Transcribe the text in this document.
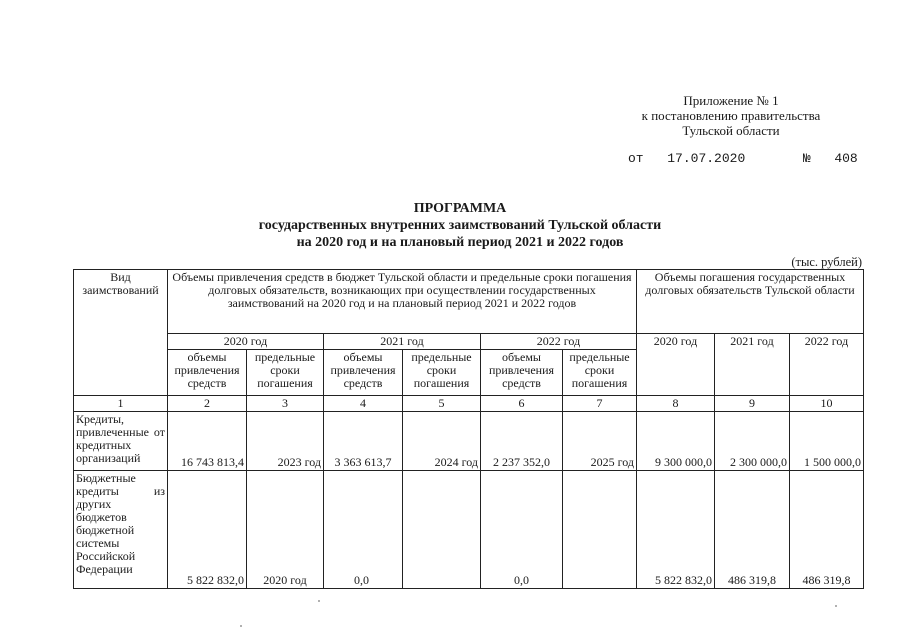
Приложение № 1
к постановлению правительства
Тульской области
от 17.07.2020	№ 408
ПРОГРАММА
государственных внутренних заимствований Тульской области
на 2020 год и на плановый период 2021 и 2022 годов
(тыс. рублей)
Вид заимствований	Объемы привлечения средств в бюджет Тульской области и предельные сроки погашения долговых обязательств, возникающих при осуществлении государственных заимствований на 2020 год и на плановый период 2021 и 2022 годов						Объемы погашения государственных долговых обязательств Тульской области		
	2020 год		2021 год		2022 год		2020 год	2021 год	2022 год
	объемы привлечения средств	предельные сроки погашения	объемы привлечения средств	предельные сроки погашения	объемы привлечения средств	предельные сроки погашения			
1	2	3	4	5	6	7	8	9	10
Кредиты, привлеченные от кредитных организаций	16 743 813,4	2023 год	3 363 613,7	2024 год	2 237 352,0	2025 год	9 300 000,0	2 300 000,0	1 500 000,0
Бюджетные кредиты из других бюджетов бюджетной системы Российской Федерации	5 822 832,0	2020 год	0,0		0,0		5 822 832,0	486 319,8	486 319,8
